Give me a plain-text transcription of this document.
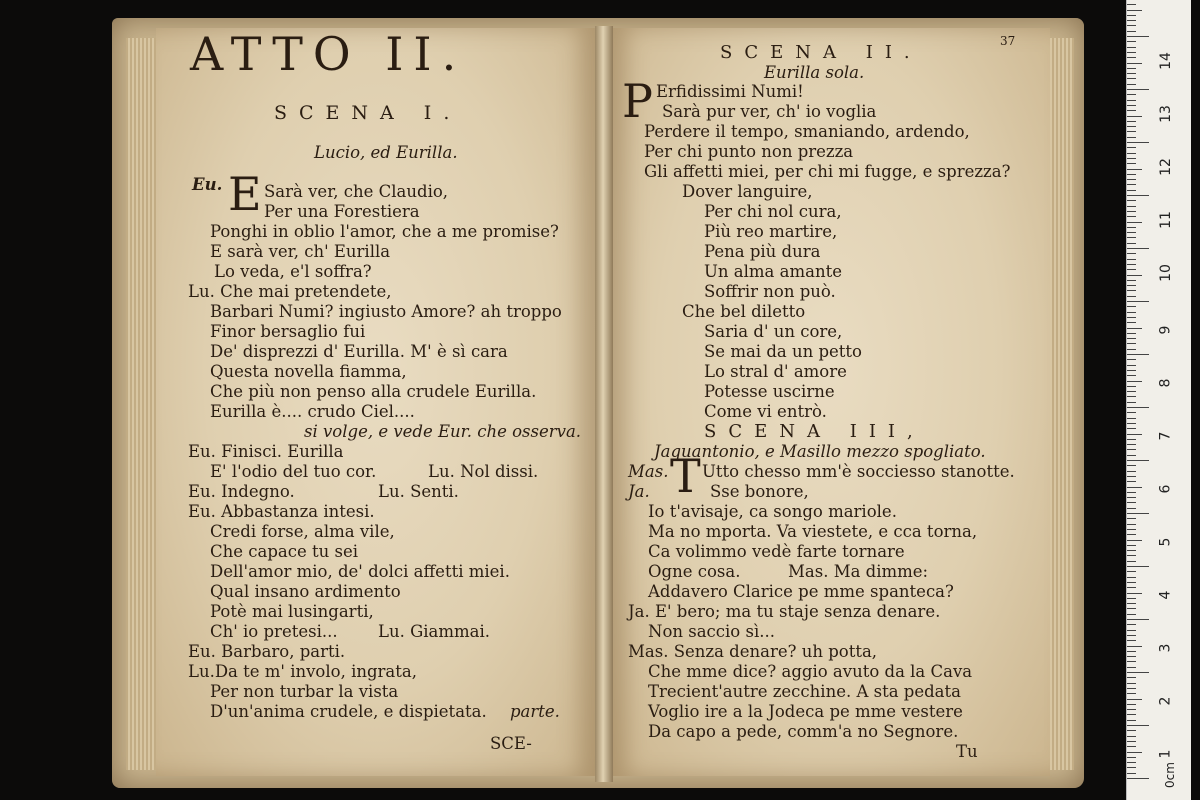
ATTO II.
SCENA I.
Lucio, ed Eurilla.
Eu. E Sarà ver, che Claudio,
Per una Forestiera
Ponghi in oblio l'amor, che a me promise?
E sarà ver, ch' Eurilla
Lo veda, e'l soffra?
Lu. Che mai pretendete,
Barbari Numi? ingiusto Amore? ah troppo
Finor bersaglio fui
De' disprezzi d' Eurilla. M' è sì cara
Questa novella fiamma,
Che più non penso alla crudele Eurilla.
Eurilla è.... crudo Ciel....
si volge, e vede Eur. che osserva.
Eu. Finisci. Eurilla
E' l'odio del tuo cor.	Lu. Nol dissi.
Eu. Indegno.	Lu. Senti.
Eu. Abbastanza intesi.
Credi forse, alma vile,
Che capace tu sei
Dell'amor mio, de' dolci affetti miei.
Qual insano ardimento
Potè mai lusingarti,
Ch' io pretesi... Lu. Giammai.
Eu. Barbaro, parti.
Lu.Da te m' involo, ingrata,
Per non turbar la vista
D'un'anima crudele, e dispietata. parte.
SCE-
37
SCENA II.
Eurilla sola.
P Erfidissimi Numi!
Sarà pur ver, ch' io voglia
Perdere il tempo, smaniando, ardendo,
Per chi punto non prezza
Gli affetti miei, per chi mi fugge, e sprezza?
Dover languire,
Per chi nol cura,
Più reo martire,
Pena più dura
Un alma amante
Soffrir non può.
Che bel diletto
Saria d' un core,
Se mai da un petto
Lo stral d' amore
Potesse uscirne
Come vi entrò.
SCENA III,
Jaquantonio, e Masillo mezzo spogliato.
Mas. T Utto chesso mm'è socciesso stanotte.
Ja.	Sse bonore,
Io t'avisaje, ca songo mariole.
Ma no mporta. Va viestete, e cca torna,
Ca volimmo vedè farte tornare
Ogne cosa.	Mas. Ma dimme:
Addavero Clarice pe mme spanteca?
Ja. E' bero; ma tu staje senza denare.
Non saccio sì...
Mas. Senza denare? uh potta,
Che mme dice? aggio avuto da la Cava
Trecient'autre zecchine. A sta pedata
Voglio ire a la Jodeca pe mme vestere
Da capo a pede, comm'a no Segnore.
Tu	1
2
3
4
5
6
7
8
9
10
11
12
13
14
0cm
